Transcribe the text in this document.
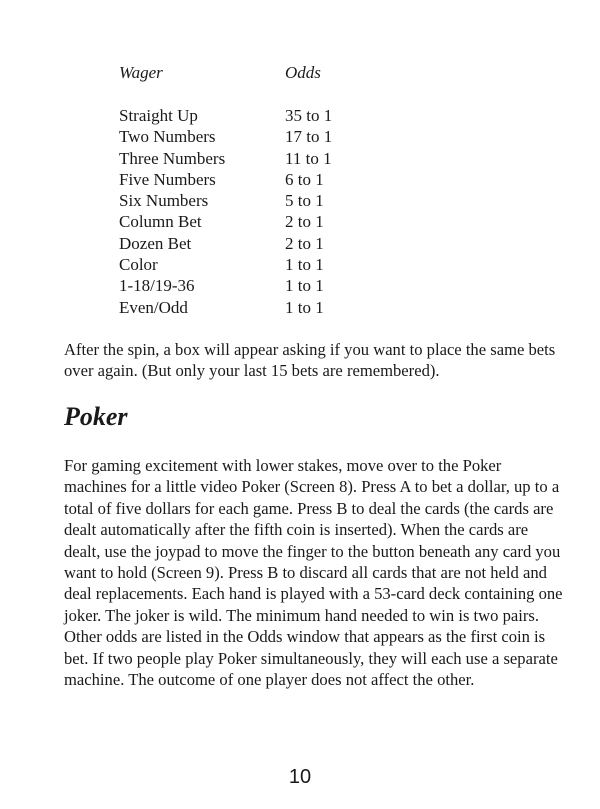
Wager	Odds
Straight Up	35 to 1
Two Numbers	17 to 1
Three Numbers	11 to 1
Five Numbers	6 to 1
Six Numbers	5 to 1
Column Bet	2 to 1
Dozen Bet	2 to 1
Color	1 to 1
1-18/19-36	1 to 1
Even/Odd	1 to 1

After the spin, a box will appear asking if you want to place the same bets over again. (But only your last 15 bets are remembered).

Poker

For gaming excitement with lower stakes, move over to the Poker machines for a little video Poker (Screen 8). Press A to bet a dollar, up to a total of five dollars for each game. Press B to deal the cards (the cards are dealt automatically after the fifth coin is inserted). When the cards are dealt, use the joypad to move the finger to the button beneath any card you want to hold (Screen 9). Press B to discard all cards that are not held and deal replacements. Each hand is played with a 53-card deck containing one joker. The joker is wild. The minimum hand needed to win is two pairs. Other odds are listed in the Odds window that appears as the first coin is bet. If two people play Poker simultaneously, they will each use a separate machine. The outcome of one player does not affect the other.

10
